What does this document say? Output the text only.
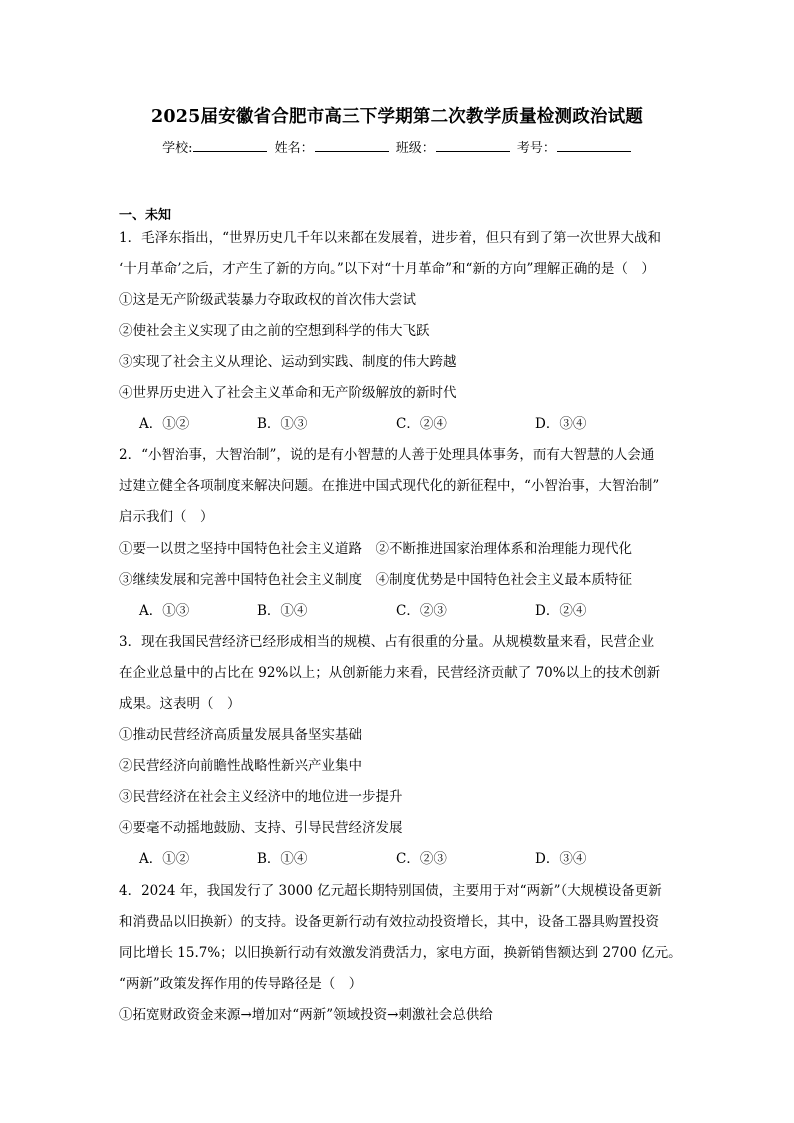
2025届安徽省合肥市高三下学期第二次教学质量检测政治试题
学校:	姓名：	班级：	考号：
一、未知
1．毛泽东指出，“世界历史几千年以来都在发展着，进步着，但只有到了第一次世界大战和
‘十月革命’之后，才产生了新的方向。”以下对“十月革命”和“新的方向”理解正确的是（　）
①这是无产阶级武装暴力夺取政权的首次伟大尝试
②使社会主义实现了由之前的空想到科学的伟大飞跃
③实现了社会主义从理论、运动到实践、制度的伟大跨越
④世界历史进入了社会主义革命和无产阶级解放的新时代
A．①②	B．①③	C．②④	D．③④
2．“小智治事，大智治制”，说的是有小智慧的人善于处理具体事务，而有大智慧的人会通
过建立健全各项制度来解决问题。在推进中国式现代化的新征程中，“小智治事，大智治制”
启示我们（　）
①要一以贯之坚持中国特色社会主义道路　②不断推进国家治理体系和治理能力现代化
③继续发展和完善中国特色社会主义制度　④制度优势是中国特色社会主义最本质特征
A．①③	B．①④	C．②③	D．②④
3．现在我国民营经济已经形成相当的规模、占有很重的分量。从规模数量来看，民营企业
在企业总量中的占比在 92%以上；从创新能力来看，民营经济贡献了 70%以上的技术创新
成果。这表明（　）
①推动民营经济高质量发展具备坚实基础
②民营经济向前瞻性战略性新兴产业集中
③民营经济在社会主义经济中的地位进一步提升
④要毫不动摇地鼓励、支持、引导民营经济发展
A．①②	B．①④	C．②③	D．③④
4．2024 年，我国发行了 3000 亿元超长期特别国债，主要用于对“两新”（大规模设备更新
和消费品以旧换新）的支持。设备更新行动有效拉动投资增长，其中，设备工器具购置投资
同比增长 15.7%；以旧换新行动有效激发消费活力，家电方面，换新销售额达到 2700 亿元。
“两新”政策发挥作用的传导路径是（　）
①拓宽财政资金来源→增加对“两新”领域投资→刺激社会总供给
